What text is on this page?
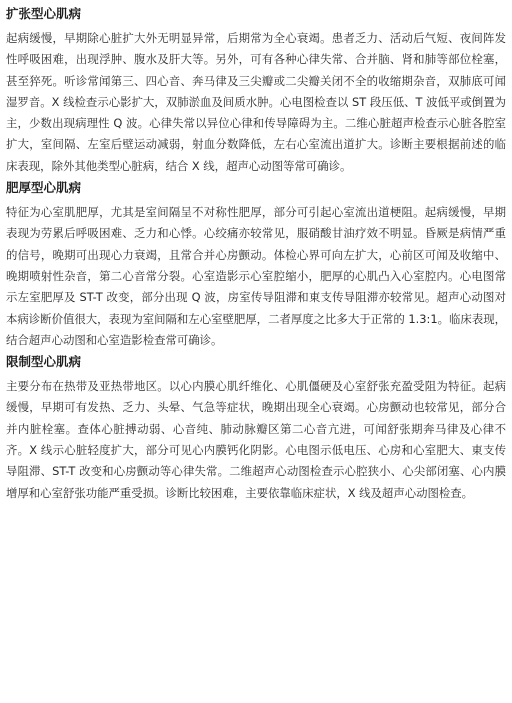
扩张型心肌病

起病缓慢，早期除心脏扩大外无明显异常，后期常为全心衰竭。患者乏力、活动后气短、夜间阵发性呼吸困难，出现浮肿、腹水及肝大等。另外，可有各种心律失常、合并脑、肾和肺等部位栓塞，甚至猝死。听诊常闻第三、四心音、奔马律及三尖瓣或二尖瓣关闭不全的收缩期杂音，双肺底可闻湿罗音。X 线检查示心影扩大，双肺淤血及间质水肿。心电图检查以 ST 段压低、T 波低平或倒置为主，少数出现病理性 Q 波。心律失常以异位心律和传导障碍为主。二维心脏超声检查示心脏各腔室扩大，室间隔、左室后壁运动减弱，射血分数降低，左右心室流出道扩大。诊断主要根据前述的临床表现，除外其他类型心脏病，结合 X 线，超声心动图等常可确诊。

肥厚型心肌病

特征为心室肌肥厚，尤其是室间隔呈不对称性肥厚，部分可引起心室流出道梗阻。起病缓慢，早期表现为劳累后呼吸困难、乏力和心悸。心绞痛亦较常见，服硝酸甘油疗效不明显。昏厥是病情严重的信号，晚期可出现心力衰竭，且常合并心房颤动。体检心界可向左扩大，心前区可闻及收缩中、晚期喷射性杂音，第二心音常分裂。心室造影示心室腔缩小，肥厚的心肌凸入心室腔内。心电图常示左室肥厚及 ST-T 改变，部分出现 Q 波，房室传导阻滞和東支传导阻滞亦较常见。超声心动图对本病诊断价值很大，表现为室间隔和左心室壁肥厚，二者厚度之比多大于正常的 1.3:1。临床表现，结合超声心动图和心室造影检查常可确诊。

限制型心肌病

主要分布在热带及亚热带地区。以心内膜心肌纤维化、心肌僵硬及心室舒张充盈受阻为特征。起病缓慢，早期可有发热、乏力、头晕、气急等症状，晚期出现全心衰竭。心房颤动也较常见，部分合并内脏栓塞。查体心脏搏动弱、心音纯、肺动脉瓣区第二心音亢进，可闻舒张期奔马律及心律不齐。X 线示心脏轻度扩大，部分可见心内膜钙化阴影。心电图示低电压、心房和心室肥大、東支传导阻滞、ST-T 改变和心房颤动等心律失常。二维超声心动图检查示心腔狭小、心尖部闭塞、心内膜增厚和心室舒张功能严重受损。诊断比较困难，主要依靠临床症状，X 线及超声心动图检查。
